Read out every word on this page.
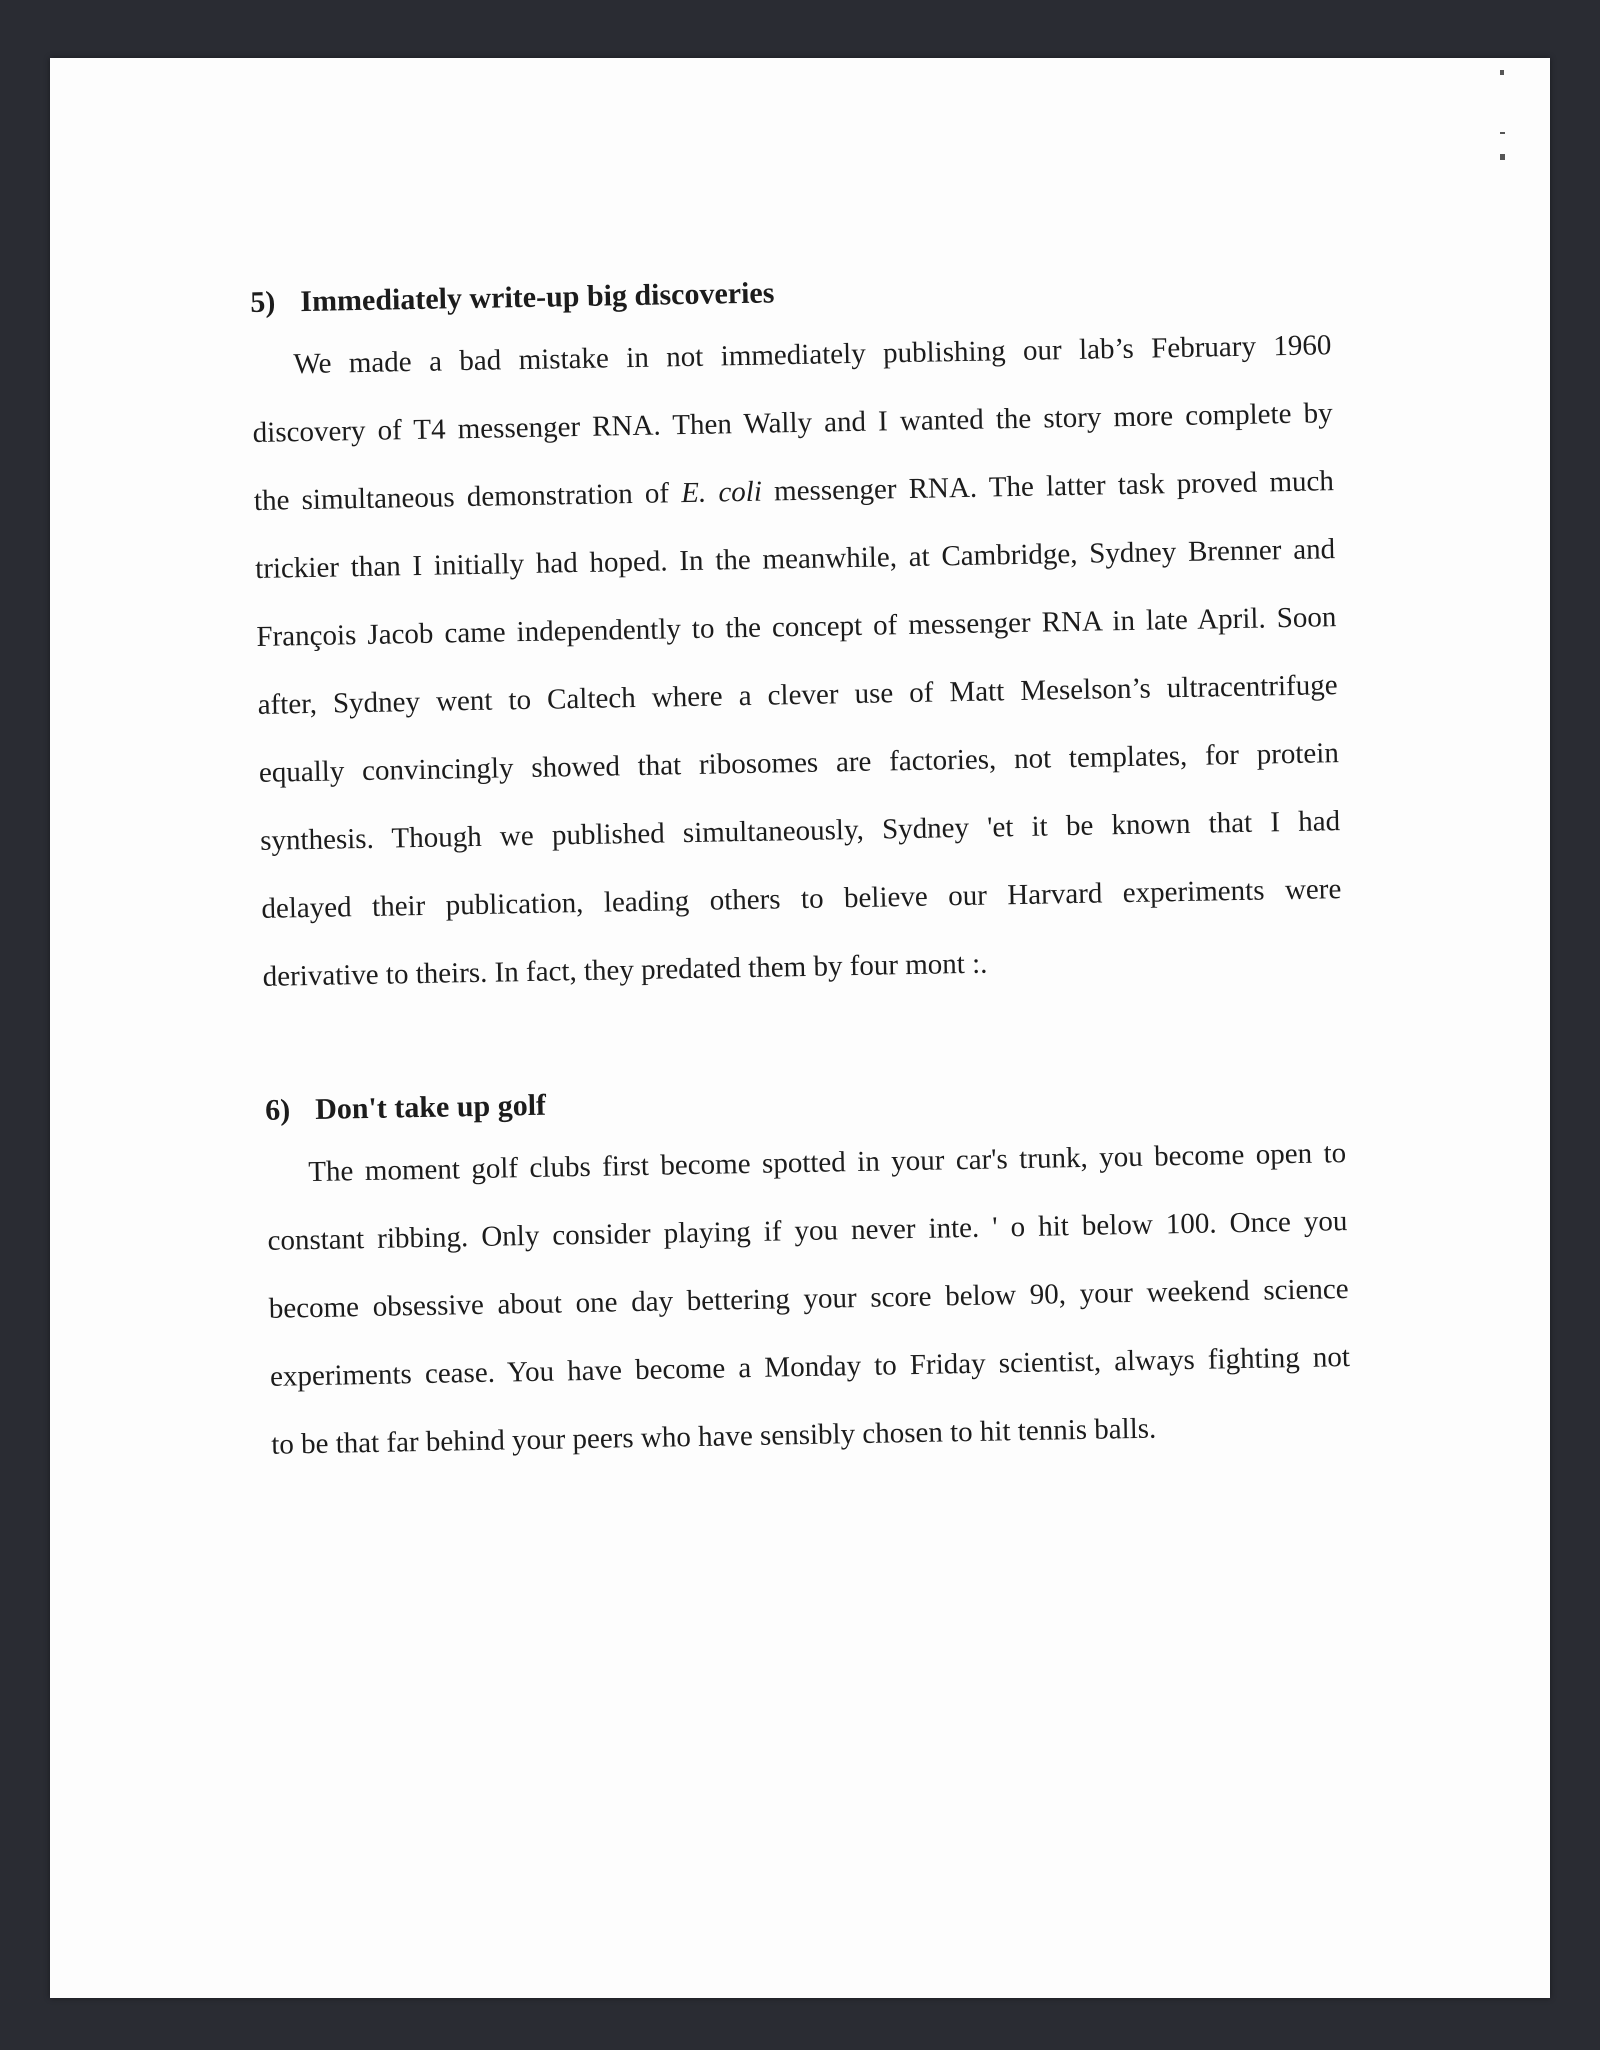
5) Immediately write-up big discoveries
We made a bad mistake in not immediately publishing our lab’s February 1960
discovery of T4 messenger RNA. Then Wally and I wanted the story more complete by
the simultaneous demonstration of E. coli messenger RNA. The latter task proved much
trickier than I initially had hoped. In the meanwhile, at Cambridge, Sydney Brenner and
François Jacob came independently to the concept of messenger RNA in late April. Soon
after, Sydney went to Caltech where a clever use of Matt Meselson’s ultracentrifuge
equally convincingly showed that ribosomes are factories, not templates, for protein
synthesis. Though we published simultaneously, Sydney 'et it be known that I had
delayed their publication, leading others to believe our Harvard experiments were
derivative to theirs. In fact, they predated them by four mont :.
6) Don't take up golf
The moment golf clubs first become spotted in your car's trunk, you become open to
constant ribbing. Only consider playing if you never inte. ' o hit below 100. Once you
become obsessive about one day bettering your score below 90, your weekend science
experiments cease. You have become a Monday to Friday scientist, always fighting not
to be that far behind your peers who have sensibly chosen to hit tennis balls.
